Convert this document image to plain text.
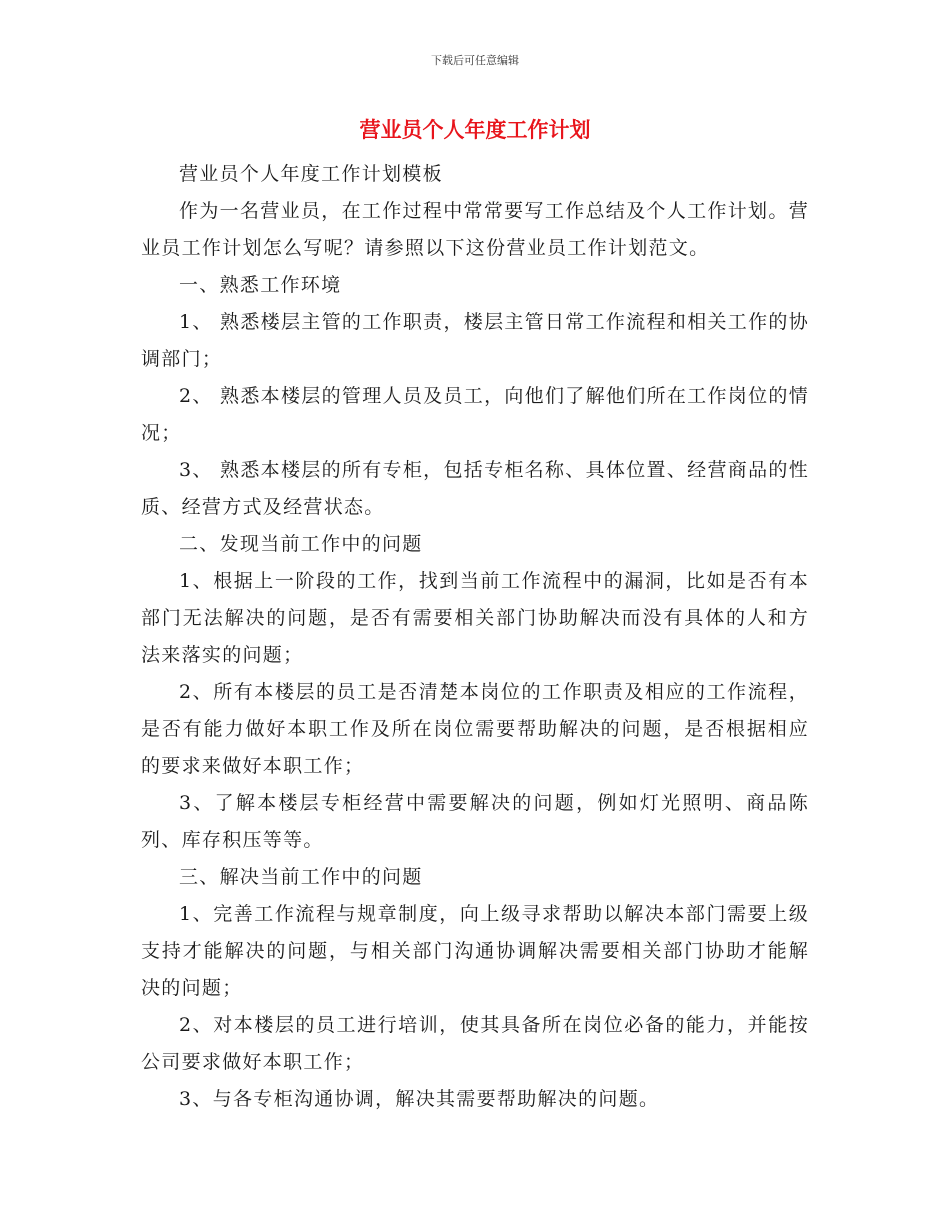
下载后可任意编辑
营业员个人年度工作计划

营业员个人年度工作计划模板

作为一名营业员，在工作过程中常常要写工作总结及个人工作计划。营业员工作计划怎么写呢？请参照以下这份营业员工作计划范文。

一、熟悉工作环境

1、 熟悉楼层主管的工作职责，楼层主管日常工作流程和相关工作的协调部门；

2、 熟悉本楼层的管理人员及员工，向他们了解他们所在工作岗位的情况；

3、 熟悉本楼层的所有专柜，包括专柜名称、具体位置、经营商品的性质、经营方式及经营状态。

二、发现当前工作中的问题

1、根据上一阶段的工作，找到当前工作流程中的漏洞，比如是否有本部门无法解决的问题，是否有需要相关部门协助解决而没有具体的人和方法来落实的问题；

2、所有本楼层的员工是否清楚本岗位的工作职责及相应的工作流程，是否有能力做好本职工作及所在岗位需要帮助解决的问题，是否根据相应的要求来做好本职工作；

3、了解本楼层专柜经营中需要解决的问题，例如灯光照明、商品陈列、库存积压等等。

三、解决当前工作中的问题

1、完善工作流程与规章制度，向上级寻求帮助以解决本部门需要上级支持才能解决的问题，与相关部门沟通协调解决需要相关部门协助才能解决的问题；

2、对本楼层的员工进行培训，使其具备所在岗位必备的能力，并能按公司要求做好本职工作；

3、与各专柜沟通协调，解决其需要帮助解决的问题。
